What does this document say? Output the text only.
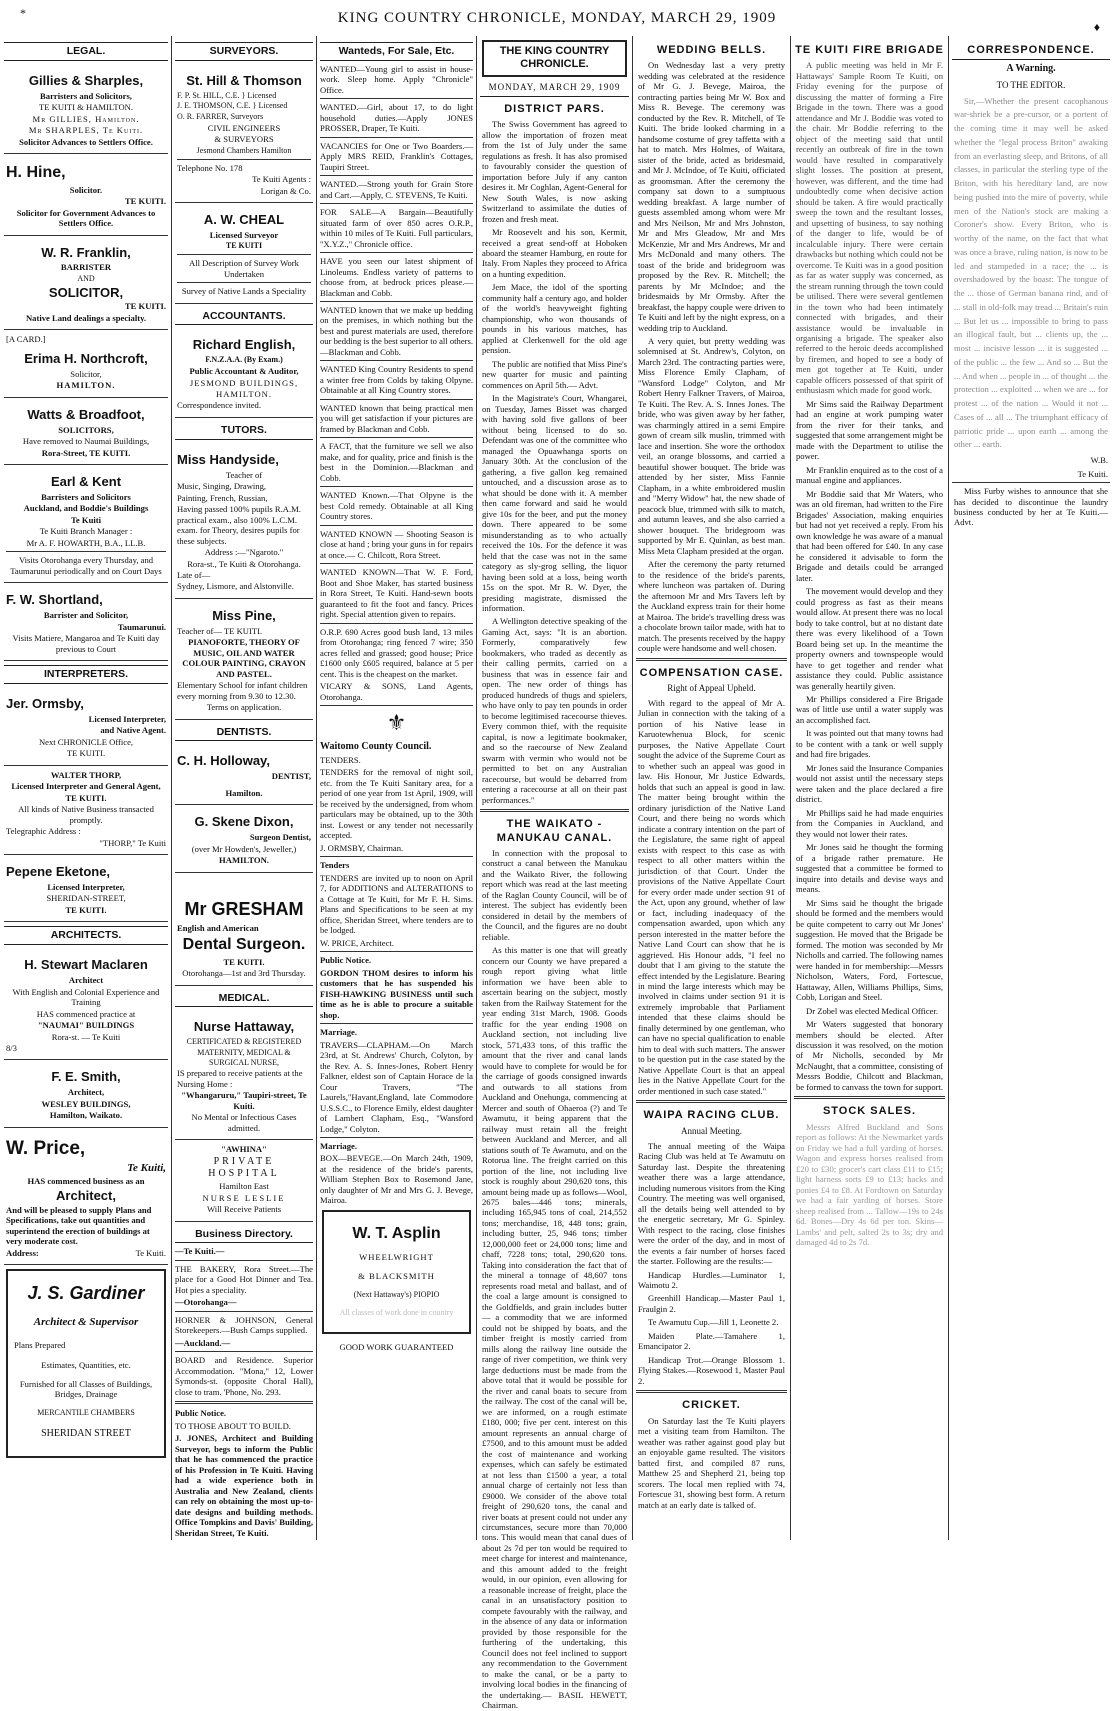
*	KING COUNTRY CHRONICLE, MONDAY, MARCH 29, 1909
♦
LEGAL.
Gillies & Sharples,

Barristers and Solicitors,

TE KUITI & HAMILTON.

Mr GILLIES, Hamilton.

Mr SHARPLES, Te Kuiti.

Solicitor Advances to Settlers Office.

H. Hine,

Solicitor.

TE KUITI.

Solicitor for Government Advances to Settlers Office.

W. R. Franklin,

BARRISTER

AND

SOLICITOR,

TE KUITI.

Native Land dealings a specialty.

[A CARD.]

Erima H. Northcroft,

Solicitor,

HAMILTON.

Watts & Broadfoot,

SOLICITORS,

Have removed to Naumai Buildings,

Rora-Street, TE KUITI.

Earl & Kent

Barristers and Solicitors

Auckland, and Boddie's Buildings

Te Kuiti

Te Kuiti Branch Manager :

Mr A. F. HOWARTH, B.A., LL.B.

Visits Otorohanga every Thursday, and Taumarunui periodically and on Court Days

F. W. Shortland,

Barrister and Solicitor,

Taumarunui.

Visits Matiere, Mangaroa and Te Kuiti day previous to Court

INTERPRETERS.
Jer. Ormsby,

Licensed Interpreter,

and Native Agent.

Next CHRONICLE Office,

TE KUITI.

WALTER THORP,

Licensed Interpreter and General Agent,

TE KUITI.

All kinds of Native Business transacted promptly.

Telegraphic Address :

"THORP," Te Kuiti

Pepene Eketone,

Licensed Interpreter,

SHERIDAN-STREET,

TE KUITI.

ARCHITECTS.
H. Stewart Maclaren

Architect

With English and Colonial Experience and Training

HAS commenced practice at

"NAUMAI" BUILDINGS

Rora-st. — Te Kuiti

8/3

F. E. Smith,

Architect,

WESLEY BUILDINGS,

Hamilton, Waikato.

W. Price,

Te Kuiti,

HAS commenced business as an

Architect,

And will be pleased to supply Plans and Specifications, take out quantities and superintend the erection of buildings at very moderate cost.

Address:	Te Kuiti.

J. S. Gardiner

Architect & Supervisor

Plans Prepared

Estimates, Quantities, etc.

Furnished for all Classes of Buildings, Bridges, Drainage

MERCANTILE CHAMBERS

SHERIDAN STREET

SURVEYORS.
St. Hill & Thomson

F. P. St. HILL, C.E. } Licensed

J. E. THOMSON, C.E. } Licensed

O. R. FARRER, Surveyors

CIVIL ENGINEERS

& SURVEYORS

Jesmond Chambers Hamilton

Telephone No. 178

Te Kuiti Agents :

Lorigan & Co.

A. W. CHEAL

Licensed Surveyor

TE KUITI

All Description of Survey Work Undertaken

Survey of Native Lands a Speciality

ACCOUNTANTS.
Richard English,

F.N.Z.A.A. (By Exam.)

Public Accountant & Auditor,

JESMOND BUILDINGS,

HAMILTON.

Correspondence invited.

TUTORS.
Miss Handyside,

Teacher of

Music, Singing, Drawing,

Painting, French, Russian,

Having passed 100% pupils R.A.M. practical exam., also 100% L.C.M. exam. for Theory, desires pupils for these subjects.

Address :—"Ngaroto."

Rora-st., Te Kuiti & Otorohanga.

Late of—

Sydney, Lismore, and Alstonville.

Miss Pine,

Teacher of— TE KUITI.

PIANOFORTE, THEORY OF MUSIC, OIL AND WATER COLOUR PAINTING, CRAYON AND PASTEL.

Elementary School for infant children every morning from 9.30 to 12.30.

Terms on application.

DENTISTS.
C. H. Holloway,

DENTIST,

Hamilton.

G. Skene Dixon,

Surgeon Dentist,

(over Mr Howden's, Jeweller,)

HAMILTON.

Mr GRESHAM

English and American

Dental Surgeon.

TE KUITI.

Otorohanga—1st and 3rd Thursday.

MEDICAL.
Nurse Hattaway,

CERTIFICATED & REGISTERED

MATERNITY, MEDICAL & SURGICAL NURSE,

IS prepared to receive patients at the Nursing Home :

"Whangaruru," Taupiri-street, Te Kuiti.

No Mental or Infectious Cases admitted.

"AWHINA"

PRIVATE HOSPITAL

Hamilton East

NURSE LESLIE

Will Receive Patients

Business Directory.

—Te Kuiti.—

THE BAKERY, Rora Street.—The place for a Good Hot Dinner and Tea. Hot pies a speciality.

—Otorohanga—

HORNER & JOHNSON, General Storekeepers.—Bush Camps supplied.

—Auckland.—

BOARD and Residence. Superior Accommodation. "Mona," 12, Lower Symonds-st. (opposite Choral Hall), close to tram. 'Phone, No. 293.

Public Notice.

TO THOSE ABOUT TO BUILD.

J. JONES, Architect and Building Surveyor, begs to inform the Public that he has commenced the practice of his Profession in Te Kuiti. Having had a wide experience both in Australia and New Zealand, clients can rely on obtaining the most up-to-date designs and building methods. Office Tompkins and Davis' Building, Sheridan Street, Te Kuiti.

Wanteds, For Sale, Etc.

WANTED—Young girl to assist in house-work. Sleep home. Apply "Chronicle" Office.

WANTED.—Girl, about 17, to do light household duties.—Apply JONES PROSSER, Draper, Te Kuiti.

VACANCIES for One or Two Boarders.—Apply MRS REID, Franklin's Cottages, Taupiri Street.

WANTED.—Strong youth for Grain Store and Cart.—Apply, C. STEVENS, Te Kuiti.

FOR SALE—A Bargain—Beautifully situated farm of over 850 acres O.R.P., within 10 miles of Te Kuiti. Full particulars, "X.Y.Z.," Chronicle office.

HAVE you seen our latest shipment of Linoleums. Endless variety of patterns to choose from, at bedrock prices please.—Blackman and Cobb.

WANTED known that we make up bedding on the premises, in which nothing but the best and purest materials are used, therefore our bedding is the best superior to all others. —Blackman and Cobb.

WANTED King Country Residents to spend a winter free from Colds by taking Olpyne. Obtainable at all King Country stores.

WANTED known that being practical men you will get satisfaction if your pictures are framed by Blackman and Cobb.

A FACT, that the furniture we sell we also make, and for quality, price and finish is the best in the Dominion.—Blackman and Cobb.

WANTED Known.—That Olpyne is the best Cold remedy. Obtainable at all King Country stores.

WANTED KNOWN — Shooting Season is close at hand ; bring your guns in for repairs at once.— C. Chilcott, Rora Street.

WANTED KNOWN—That W. F. Ford, Boot and Shoe Maker, has started business in Rora Street, Te Kuiti. Hand-sewn boots guaranteed to fit the foot and fancy. Prices right. Special attention given to repairs.

O.R.P. 690 Acres good bush land, 13 miles from Otorohanga; ring fenced 7 wire; 350 acres felled and grassed; good house; Price £1600 only £605 required, balance at 5 per cent. This is the cheapest on the market.

VICARY & SONS, Land Agents, Otorohanga.

⚜

Waitomo County Council.

TENDERS.

TENDERS for the removal of night soil, etc. from the Te Kuiti Sanitary area, for a period of one year from 1st April, 1909, will be received by the undersigned, from whom particulars may be obtained, up to the 30th inst. Lowest or any tender not necessarily accepted.

J. ORMSBY, Chairman.

Tenders

TENDERS are invited up to noon on April 7, for ADDITIONS and ALTERATIONS to a Cottage at Te Kuiti, for Mr F. H. Sims. Plans and Specifications to be seen at my office, Sheridan Street, where tenders are to be lodged.

W. PRICE, Architect.

Public Notice.

GORDON THOM desires to inform his customers that he has suspended his FISH-HAWKING BUSINESS until such time as he is able to procure a suitable shop.

Marriage.

TRAVERS—CLAPHAM.—On March 23rd, at St. Andrews' Church, Colyton, by the Rev. A. S. Innes-Jones, Robert Henry Falkner, eldest son of Captain Horace de la Cour Travers, "The Laurels,"Havant,England, late Commodore U.S.S.C., to Florence Emily, eldest daughter of Lambert Clapham, Esq., "Wansford Lodge," Colyton.

Marriage.

BOX—BEVEGE.—On March 24th, 1909, at the residence of the bride's parents, William Stephen Box to Rosemond Jane, only daughter of Mr and Mrs G. J. Bevege, Mairoa.

W. T. Asplin

WHEELWRIGHT

& BLACKSMITH

(Next Hattaway's) PIOPIO

All classes of work done in country

GOOD WORK GUARANTEED

THE KING COUNTRY CHRONICLE.
MONDAY, MARCH 29, 1909
DISTRICT PARS.

The Swiss Government has agreed to allow the importation of frozen meat from the 1st of July under the same regulations as fresh. It has also promised to favourably consider the question of importation before July if any canton desires it. Mr Coghlan, Agent-General for New South Wales, is now asking Switzerland to assimilate the duties of frozen and fresh meat.

Mr Roosevelt and his son, Kermit, received a great send-off at Hoboken aboard the steamer Hamburg, en route for Italy. From Naples they proceed to Africa on a hunting expedition.

Jem Mace, the idol of the sporting community half a century ago, and holder of the world's heavyweight fighting championship, who won thousands of pounds in his various matches, has applied at Clerkenwell for the old age pension.

The public are notified that Miss Pine's new quarter for music and painting commences on April 5th.— Advt.

In the Magistrate's Court, Whangarei, on Tuesday, James Bisset was charged with having sold five gallons of beer without being licensed to do so. Defendant was one of the committee who managed the Opuawhanga sports on January 30th. At the conclusion of the gathering, a five gallon keg remained untouched, and a discussion arose as to what should be done with it. A member then came forward and said he would give 10s for the beer, and put the money down. There appeared to be some misunderstanding as to who actually received the 10s. For the defence it was held that the case was not in the same category as sly-grog selling, the liquor having been sold at a loss, being worth 15s on the spot. Mr R. W. Dyer, the presiding magistrate, dismissed the information.

A Wellington detective speaking of the Gaming Act, says: "It is an abortion. Formerly, comparatively few bookmakers, who traded as decently as their calling permits, carried on a business that was in essence fair and open. The new order of things has produced hundreds of thugs and spielers, who have only to pay ten pounds in order to become legitimised racecourse thieves. Every common thief, with the requisite capital, is now a legitimate bookmaker, and so the raecourse of New Zealand swarm with vermin who would not be permitted to bet on any Australian racecourse, but would be debarred from entering a racecourse at all on their past performances."

THE WAIKATO - MANUKAU CANAL.

In connection with the proposal to construct a canal between the Manukau and the Waikato River, the following report which was read at the last meeting of the Raglan County Council, will be of interest. The subject has evidently been considered in detail by the members of the Council, and the figures are no doubt reliable.

As this matter is one that will greatly concern our County we have prepared a rough report giving what little information we have been able to ascertain bearing on the subject, mostly taken from the Railway Statement for the year ending 31st March, 1908. Goods traffic for the year ending 1908 on Auckland section, not including live stock, 571,433 tons, of this traffic the amount that the river and canal lands would have to complete for would be for the carriage of goods consigned inwards and outwards to all stations from Auckland and Onehunga, commencing at Mercer and south of Ohaeroa (?) and Te Awamutu, it being apparent that the railway must retain all the freight between Auckland and Mercer, and all stations south of Te Awamutu, and on the Rotorua line. The freight carried on this portion of the line, not including live stock is roughly about 290,620 tons, this amount being made up as follows—Wool, 2675 bales—446 tons; minerals, including 165,945 tons of coal, 214,552 tons; merchandise, 18, 448 tons; grain, including butter, 25, 946 tons; timber 12,000,000 feet or 24,000 tons; lime and chaff, 7228 tons; total, 290,620 tons. Taking into consideration the fact that of the mineral a tonnage of 48,607 tons represents road metal and ballast, and of the coal a large amount is consigned to the Goldfields, and grain includes butter— a commodity that we are informed could not be shipped by boats, and the timber freight is mostly carried from mills along the railway line outside the range of river competition, we think very large deductions must be made from the above total that it would be possible for the river and canal boats to secure from the railway. The cost of the canal will be, we are informed, on a rough estimate £180, 000; five per cent. interest on this amount represents an annual charge of £7500, and to this amount must be added the cost of maintenance and working expenses, which can safely be estimated at not less than £1500 a year, a total annual charge of certainly not less than £9000. We consider of the above total freight of 290,620 tons, the canal and river boats at present could not under any circumstances, secure more than 70,000 tons. This would mean that canal dues of about 2s 7d per ton would be required to meet charge for interest and maintenance, and this amount added to the freight would, in our opinion, even allowing for a reasonable increase of freight, place the canal in an unsatisfactory position to compete favourably with the railway, and in the absence of any data or information provided by those responsible for the furthering of the undertaking, this Council does not feel inclined to support any recommendation to the Government to make the canal, or be a party to involving local bodies in the financing of the undertaking.— BASIL HEWETT, Chairman.

WEDDING BELLS.

On Wednesday last a very pretty wedding was celebrated at the residence of Mr G. J. Bevege, Mairoa, the contracting parties being Mr W. Box and Miss R. Bevege. The ceremony was conducted by the Rev. R. Mitchell, of Te Kuiti. The bride looked charming in a handsome costume of grey taffetta with a hat to match. Mrs Holmes, of Waitara, sister of the bride, acted as bridesmaid, and Mr J. McIndoe, of Te Kuiti, officiated as groomsman. After the ceremony the company sat down to a sumptuous wedding breakfast. A large number of guests assembled among whom were Mr and Mrs Neilson, Mr and Mrs Johnston, Mr and Mrs Gleadow, Mr and Mrs McKenzie, Mr and Mrs Andrews, Mr and Mrs McDonald and many others. The toast of the bride and bridegroom was proposed by the Rev. R. Mitchell; the parents by Mr McIndoe; and the bridesmaids by Mr Ormsby. After the breakfast, the happy couple were driven to Te Kuiti and left by the night express, on a wedding trip to Auckland.

A very quiet, but pretty wedding was solemnised at St. Andrew's, Colyton, on March 23rd. The contracting parties were, Miss Florence Emily Clapham, of "Wansford Lodge" Colyton, and Mr Robert Henry Falkner Travers, of Mairoa, Te Kuiti. The Rev. A. S. Innes Jones. The bride, who was given away by her father, was charmingly attired in a semi Empire gown of cream silk muslin, trimmed with lace and insertion. She wore the orthodox veil, an orange blossoms, and carried a beautiful shower bouquet. The bride was attended by her sister, Miss Fannie Clapham, in a white embroidered muslin and "Merry Widow" hat, the new shade of peacock blue, trimmed with silk to match, and autumn leaves, and she also carried a shower bouquet. The bridegroom was supported by Mr E. Quinlan, as best man. Miss Meta Clapham presided at the organ.

After the ceremony the party returned to the residence of the bride's parents, where luncheon was partaken of. During the afternoon Mr and Mrs Tavers left by the Auckland express train for their home at Mairoa. The bride's travelling dress was a chocolate brown tailor made, with hat to match. The presents received by the happy couple were handsome and well chosen.

COMPENSATION CASE.
Right of Appeal Upheld.

With regard to the appeal of Mr A. Julian in connection with the taking of a portion of his Native lease in Karuotewhenua Block, for scenic purposes, the Native Appellate Court sought the advice of the Supreme Court as to whether such an appeal was good in law. His Honour, Mr Justice Edwards, holds that such an appeal is good in law. The matter being brought within the ordinary jurisdiction of the Native Land Court, and there being no words which indicate a contrary intention on the part of the Legislature, the same right of appeal exists with respect to this case as with respect to all other matters within the jurisdiction of that Court. Under the provisions of the Native Appellate Court for every order made under section 91 of the Act, upon any ground, whether of law or fact, including inadequacy of the compensation awarded, upon which any person interested in the matter before the Native Land Court can show that he is aggrieved. His Honour adds, "I feel no doubt that I am giving to the statute the effect intended by the Legislature. Bearing in mind the large interests which may be involved in claims under section 91 it is extremely improbable that Parliament intended that these claims should be finally determined by one gentleman, who can have no special qualification to enable him to deal with such matters. The answer to be question put in the case stated by the Native Appellate Court is that an appeal lies in the Native Appellate Court for the order mentioned in such case stated."

WAIPA RACING CLUB.
Annual Meeting.

The annual meeting of the Waipa Racing Club was held at Te Awamutu on Saturday last. Despite the threatening weather there was a large attendance, including numerous visitors from the King Country. The meeting was well organised, all the details being well attended to by the energetic secretary, Mr G. Spinley. With respect to the racing, close finishes were the order of the day, and in most of the events a fair number of horses faced the starter. Following are the results:—

Handicap Hurdles.—Luminator 1, Waimotu 2.

Greenhill Handicap.—Master Paul 1, Fraulgin 2.

Te Awamutu Cup.—Jill 1, Leonette 2.

Maiden Plate.—Tamahere 1, Emancipator 2.

Handicap Trot.—Orange Blossom 1. Flying Stakes.—Rosewood 1, Master Paul 2.

CRICKET.

On Saturday last the Te Kuiti players met a visiting team from Hamilton. The weather was rather against good play but an enjoyable game resulted. The visitors batted first, and compiled 87 runs, Matthew 25 and Shepherd 21, being top scorers. The local men replied with 74, Fortescue 31, showing best form. A return match at an early date is talked of.

TE KUITI FIRE BRIGADE

A public meeting was held in Mr F. Hattaways' Sample Room Te Kuiti, on Friday evening for the purpose of discussing the matter of forming a Fire Brigade in the town. There was a good attendance and Mr J. Boddie was voted to the chair. Mr Boddie referring to the object of the meeting said that until recently an outbreak of fire in the town would have resulted in comparatively slight losses. The position at present, however, was different, and the time had undoubtedly come when decisive action should be taken. A fire would practically sweep the town and the resultant losses, and upsetting of business, to say nothing of the danger to life, would be of incalculable injury. There were certain drawbacks but nothing which could not be overcome. Te Kuiti was in a good position as far as water supply was concerned, as the stream running through the town could be utilised. There were several gentlemen in the town who had been intimately connected with brigades, and their assistance would be invaluable in organising a brigade. The speaker also referred to the heroic deeds accomplished by firemen, and hoped to see a body of men got together at Te Kuiti, under capable officers possessed of that spirit of enthusiasm which made for good work.

Mr Sims said the Railway Department had an engine at work pumping water from the river for their tanks, and suggested that some arrangement might be made with the Department to utilise the power.

Mr Franklin enquired as to the cost of a manual engine and appliances.

Mr Boddie said that Mr Waters, who was an old fireman, had written to the Fire Brigades' Association, making enquiries but had not yet received a reply. From his own knowledge he was aware of a manual that had been offered for £40. In any case he considered it advisable to form the Brigade and details could be arranged later.

The movement would develop and they could progress as fast as their means would allow. At present there was no local body to take control, but at no distant date there was every likelihood of a Town Board being set up. In the meantime the property owners and townspeople would have to get together and render what assistance they could. Public assistance was generally heartily given.

Mr Phillips considered a Fire Brigade was of little use until a water supply was an accomplished fact.

It was pointed out that many towns had to be content with a tank or well supply and had fire brigades.

Mr Jones said the Insurance Companies would not assist until the necessary steps were taken and the place declared a fire district.

Mr Phillips said he had made enquiries from the Companies in Auckland, and they would not lower their rates.

Mr Jones said he thought the forming of a brigade rather premature. He suggested that a committee be formed to inquire into details and devise ways and means.

Mr Sims said he thought the brigade should be formed and the members would be quite competent to carry out Mr Jones' suggestion. He moved that the Brigade be formed. The motion was seconded by Mr Nicholls and carried. The following names were handed in for membership:—Messrs Nicholson, Waters, Ford, Fortescue, Hattaway, Allen, Williams Phillips, Sims, Cobb, Lorigan and Steel.

Dr Zobel was elected Medical Officer.

Mr Waters suggested that honorary members should be elected. After discussion it was resolved, on the motion of Mr Nicholls, seconded by Mr McNaught, that a committee, consisting of Messrs Boddie, Chilcott and Blackman, be formed to canvass the town for support.

STOCK SALES.

Messrs Alfred Buckland and Sons report as follows: At the Newmarket yards on Friday we had a full yarding of horses. Wagon and express horses realised from £20 to £30; grocer's cart class £11 to £15; light harness sorts £9 to £13; hacks and ponies £4 to £8. At Fordtown on Saturday we had a fair yarding of horses. Store sheep realised from ... Tallow—19s to 24s 6d. Bones—Dry 4s 6d per ton. Skins—Lambs' and pelt, salted 2s to 3s; dry and damaged 4d to 2s 7d.

CORRESPONDENCE.
A Warning.
TO THE EDITOR.

Sir,—Whether the present cacophanous war-shriek be a pre-cursor, or a portent of the coming time it may well be asked whether the "legal process Briton" awaking from an everlasting sleep, and Britons, of all classes, in particular the sterling type of the Briton, with his hereditary land, are now being pushed into the mire of poverty, while men of the Nation's stock are making a Coroner's show. Every Briton, who is worthy of the name, on the fact that what was once a brave, ruling nation, is now to be led and stampeded in a race; the ... is overshadowed by the boast: The tongue of the ... those of German banana rind, and of ... stall in old-folk may tread ... Britain's ruin ... But let us ... impossible to bring to pass an illogical fault, but ... clients up, the ... most ... incisive lesson ... it is suggested ... of the public ... the few ... And so ... But the ... And when ... people in ... of thought ... the protection ... exploited ... when we are ... for protest ... of the nation ... Would it not ... Cases of ... all ... The triumphant efficacy of patriotic pride ... upon earth ... among the other ... earth.

W.B.

Te Kuiti.

Miss Furby wishes to announce that she has decided to discontinue the laundry business conducted by her at Te Kuiti.—Advt.
